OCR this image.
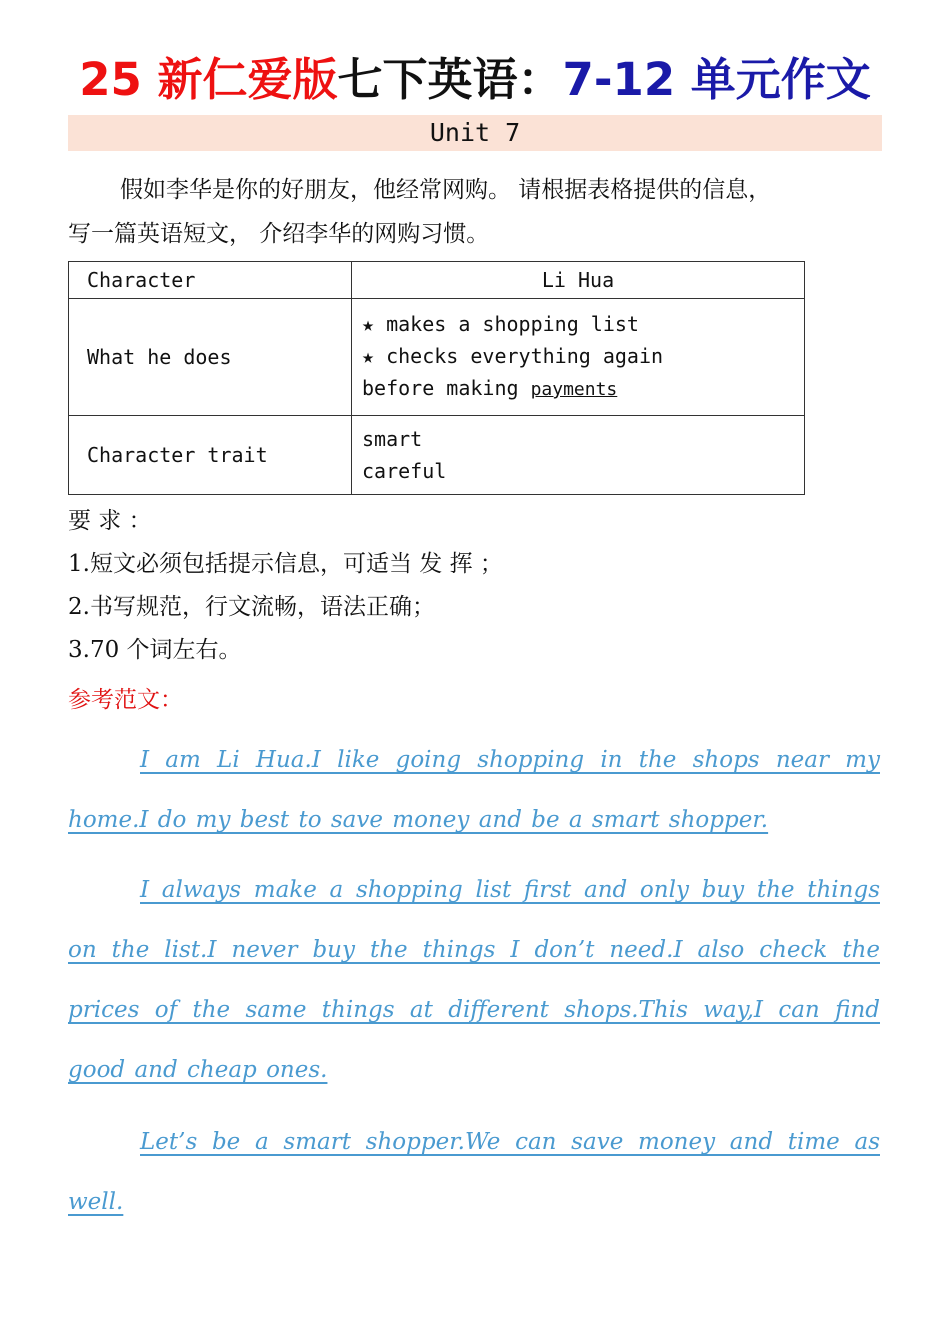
25 新仁爱版七下英语：7-12 单元作文
Unit 7
假如李华是你的好朋友，他经常网购。 请根据表格提供的信息，
写一篇英语短文， 介绍李华的网购习惯。
Character	Li Hua
What he does	★ makes a shopping list
★ checks everything again
before making payments

Character trait	smart
careful
要 求 ：
1.短文必须包括提示信息，可适当 发 挥 ；
2.书写规范，行文流畅，语法正确；
3.70 个词左右。
参考范文：
I am Li Hua.I like going shopping in the shops near my home.I do my best to save money and be a smart shopper.
I always make a shopping list first and only buy the things on the list.I never buy the things I don’t need.I also check the prices of the same things at different shops.This way,I can find good and cheap ones.
Let’s be a smart shopper.We can save money and time as well.
